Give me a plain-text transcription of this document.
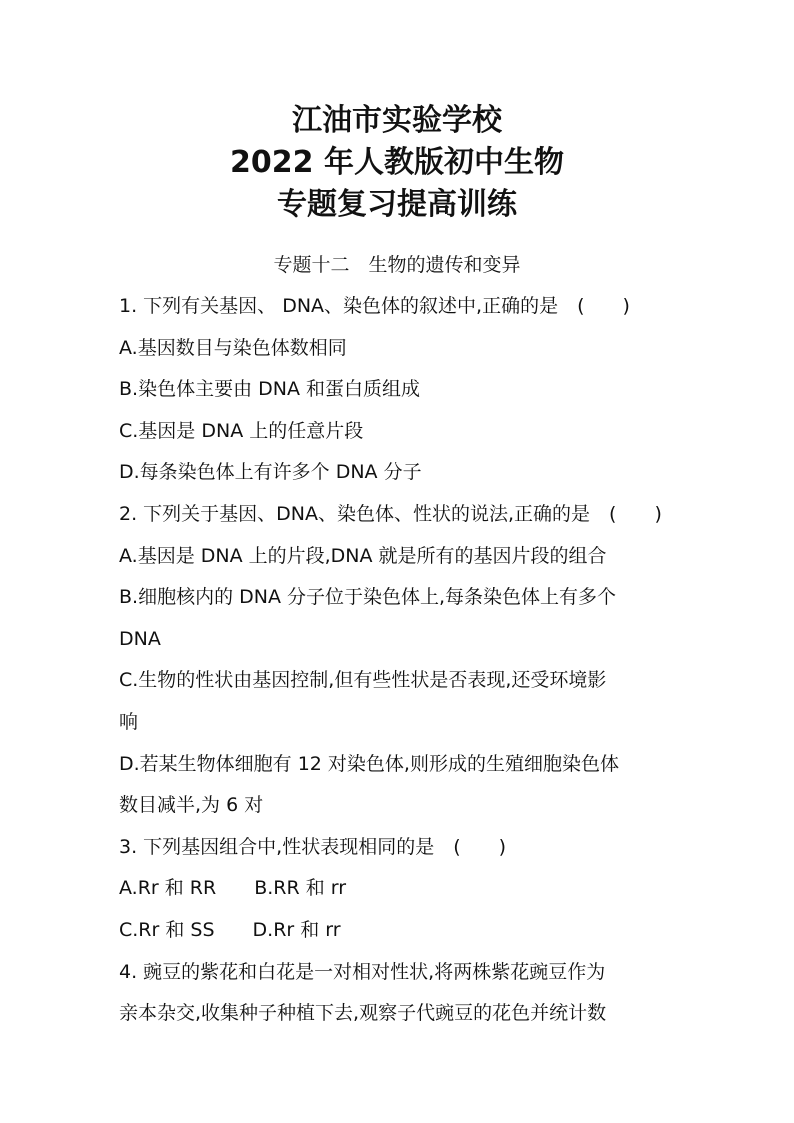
江油市实验学校

2022 年人教版初中生物

专题复习提高训练

专题十二　生物的遗传和变异
1. 下列有关基因、 DNA、染色体的叙述中,正确的是　(　　)
A.基因数目与染色体数相同
B.染色体主要由 DNA 和蛋白质组成
C.基因是 DNA 上的任意片段
D.每条染色体上有许多个 DNA 分子
2. 下列关于基因、DNA、染色体、性状的说法,正确的是　(　　)
A.基因是 DNA 上的片段,DNA 就是所有的基因片段的组合
B.细胞核内的 DNA 分子位于染色体上,每条染色体上有多个
DNA
C.生物的性状由基因控制,但有些性状是否表现,还受环境影
响
D.若某生物体细胞有 12 对染色体,则形成的生殖细胞染色体
数目减半,为 6 对
3. 下列基因组合中,性状表现相同的是　(　　)
A.Rr 和 RR B.RR 和 rr
C.Rr 和 SS D.Rr 和 rr
4. 豌豆的紫花和白花是一对相对性状,将两株紫花豌豆作为
亲本杂交,收集种子种植下去,观察子代豌豆的花色并统计数
